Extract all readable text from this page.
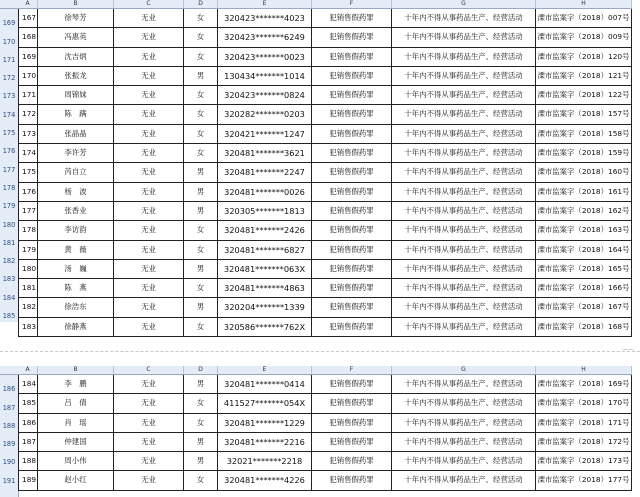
169
170
171
172
173
174
175
176
177
178
179
180
181
182
183
184
185
A	B	C	D	E	F	G	H
167	徐琴芳	无业	女	320423*******4023	犯销售假药罪	十年内不得从事药品生产、经营活动	溧市监案字（2018）007号
168	冯惠英	无业	女	320423*******6249	犯销售假药罪	十年内不得从事药品生产、经营活动	溧市监案字（2018）009号
169	沈吉炳	无业	女	320423*******0023	犯销售假药罪	十年内不得从事药品生产、经营活动	溧市监案字（2018）120号
170	张振龙	无业	男	130434*******1014	犯销售假药罪	十年内不得从事药品生产、经营活动	溧市监案字（2018）121号
171	周锦妹	无业	女	320423*******0824	犯销售假药罪	十年内不得从事药品生产、经营活动	溧市监案字（2018）122号
172	陈　蹒	无业	女	320282*******0203	犯销售假药罪	十年内不得从事药品生产、经营活动	溧市监案字（2018）157号
173	张晶晶	无业	女	320421*******1247	犯销售假药罪	十年内不得从事药品生产、经营活动	溧市监案字（2018）158号
174	李许芳	无业	女	320481*******3621	犯销售假药罪	十年内不得从事药品生产、经营活动	溧市监案字（2018）159号
175	芮自立	无业	男	320481*******2247	犯销售假药罪	十年内不得从事药品生产、经营活动	溧市监案字（2018）160号
176	杨　波	无业	男	320481*******0026	犯销售假药罪	十年内不得从事药品生产、经营活动	溧市监案字（2018）161号
177	张香业	无业	男	320305*******1813	犯销售假药罪	十年内不得从事药品生产、经营活动	溧市监案字（2018）162号
178	李访韵	无业	女	320481*******2426	犯销售假药罪	十年内不得从事药品生产、经营活动	溧市监案字（2018）163号
179	黄　薇	无业	女	320481*******6827	犯销售假药罪	十年内不得从事药品生产、经营活动	溧市监案字（2018）164号
180	汤　巍	无业	男	320481*******063X	犯销售假药罪	十年内不得从事药品生产、经营活动	溧市监案字（2018）165号
181	陈　燕	无业	女	320481*******4863	犯销售假药罪	十年内不得从事药品生产、经营活动	溧市监案字（2018）166号
182	徐浩东	无业	男	320204*******1339	犯销售假药罪	十年内不得从事药品生产、经营活动	溧市监案字（2018）167号
183	徐静燕	无业	女	320586*******762X	犯销售假药罪	十年内不得从事药品生产、经营活动	溧市监案字（2018）168号
——
186
187
188
189
190
191
A	B	C	D	E	F	G	H
184	李　鹏	无业	男	320481*******0414	犯销售假药罪	十年内不得从事药品生产、经营活动	溧市监案字（2018）169号
185	吕　倩	无业	女	411527*******054X	犯销售假药罪	十年内不得从事药品生产、经营活动	溧市监案字（2018）170号
186	肖　瑶	无业	女	320481*******1229	犯销售假药罪	十年内不得从事药品生产、经营活动	溧市监案字（2018）171号
187	仲建国	无业	男	320481*******2216	犯销售假药罪	十年内不得从事药品生产、经营活动	溧市监案字（2018）172号
188	周小伟	无业	男	32021*******2218	犯销售假药罪	十年内不得从事药品生产、经营活动	溧市监案字（2018）173号
189	赵小红	无业	女	320481*******4226	犯销售假药罪	十年内不得从事药品生产、经营活动	溧市监案字（2018）177号
